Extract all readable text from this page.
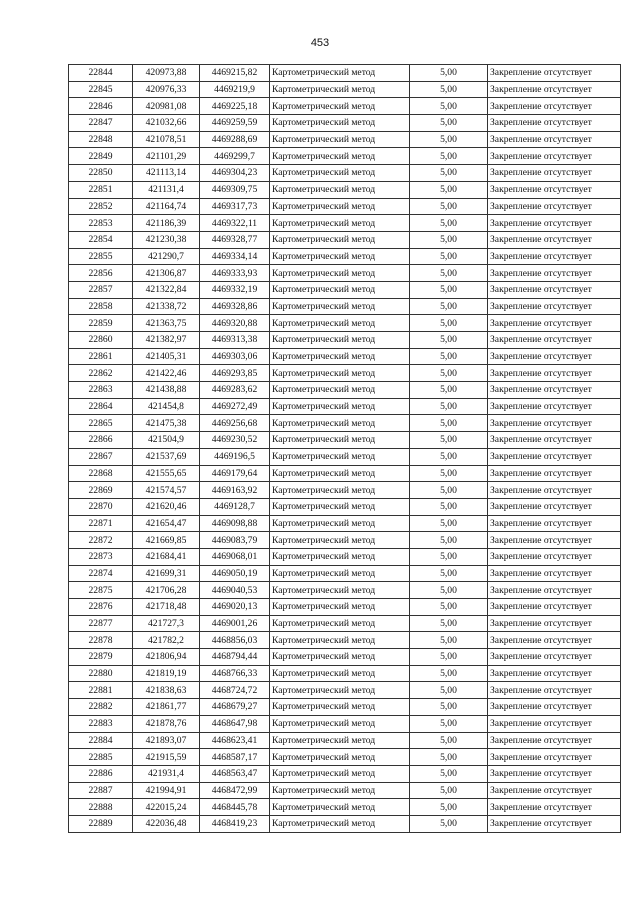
453
22844	420973,88	4469215,82	Картометрический метод	5,00	Закрепление отсутствует
22845	420976,33	4469219,9	Картометрический метод	5,00	Закрепление отсутствует
22846	420981,08	4469225,18	Картометрический метод	5,00	Закрепление отсутствует
22847	421032,66	4469259,59	Картометрический метод	5,00	Закрепление отсутствует
22848	421078,51	4469288,69	Картометрический метод	5,00	Закрепление отсутствует
22849	421101,29	4469299,7	Картометрический метод	5,00	Закрепление отсутствует
22850	421113,14	4469304,23	Картометрический метод	5,00	Закрепление отсутствует
22851	421131,4	4469309,75	Картометрический метод	5,00	Закрепление отсутствует
22852	421164,74	4469317,73	Картометрический метод	5,00	Закрепление отсутствует
22853	421186,39	4469322,11	Картометрический метод	5,00	Закрепление отсутствует
22854	421230,38	4469328,77	Картометрический метод	5,00	Закрепление отсутствует
22855	421290,7	4469334,14	Картометрический метод	5,00	Закрепление отсутствует
22856	421306,87	4469333,93	Картометрический метод	5,00	Закрепление отсутствует
22857	421322,84	4469332,19	Картометрический метод	5,00	Закрепление отсутствует
22858	421338,72	4469328,86	Картометрический метод	5,00	Закрепление отсутствует
22859	421363,75	4469320,88	Картометрический метод	5,00	Закрепление отсутствует
22860	421382,97	4469313,38	Картометрический метод	5,00	Закрепление отсутствует
22861	421405,31	4469303,06	Картометрический метод	5,00	Закрепление отсутствует
22862	421422,46	4469293,85	Картометрический метод	5,00	Закрепление отсутствует
22863	421438,88	4469283,62	Картометрический метод	5,00	Закрепление отсутствует
22864	421454,8	4469272,49	Картометрический метод	5,00	Закрепление отсутствует
22865	421475,38	4469256,68	Картометрический метод	5,00	Закрепление отсутствует
22866	421504,9	4469230,52	Картометрический метод	5,00	Закрепление отсутствует
22867	421537,69	4469196,5	Картометрический метод	5,00	Закрепление отсутствует
22868	421555,65	4469179,64	Картометрический метод	5,00	Закрепление отсутствует
22869	421574,57	4469163,92	Картометрический метод	5,00	Закрепление отсутствует
22870	421620,46	4469128,7	Картометрический метод	5,00	Закрепление отсутствует
22871	421654,47	4469098,88	Картометрический метод	5,00	Закрепление отсутствует
22872	421669,85	4469083,79	Картометрический метод	5,00	Закрепление отсутствует
22873	421684,41	4469068,01	Картометрический метод	5,00	Закрепление отсутствует
22874	421699,31	4469050,19	Картометрический метод	5,00	Закрепление отсутствует
22875	421706,28	4469040,53	Картометрический метод	5,00	Закрепление отсутствует
22876	421718,48	4469020,13	Картометрический метод	5,00	Закрепление отсутствует
22877	421727,3	4469001,26	Картометрический метод	5,00	Закрепление отсутствует
22878	421782,2	4468856,03	Картометрический метод	5,00	Закрепление отсутствует
22879	421806,94	4468794,44	Картометрический метод	5,00	Закрепление отсутствует
22880	421819,19	4468766,33	Картометрический метод	5,00	Закрепление отсутствует
22881	421838,63	4468724,72	Картометрический метод	5,00	Закрепление отсутствует
22882	421861,77	4468679,27	Картометрический метод	5,00	Закрепление отсутствует
22883	421878,76	4468647,98	Картометрический метод	5,00	Закрепление отсутствует
22884	421893,07	4468623,41	Картометрический метод	5,00	Закрепление отсутствует
22885	421915,59	4468587,17	Картометрический метод	5,00	Закрепление отсутствует
22886	421931,4	4468563,47	Картометрический метод	5,00	Закрепление отсутствует
22887	421994,91	4468472,99	Картометрический метод	5,00	Закрепление отсутствует
22888	422015,24	4468445,78	Картометрический метод	5,00	Закрепление отсутствует
22889	422036,48	4468419,23	Картометрический метод	5,00	Закрепление отсутствует
